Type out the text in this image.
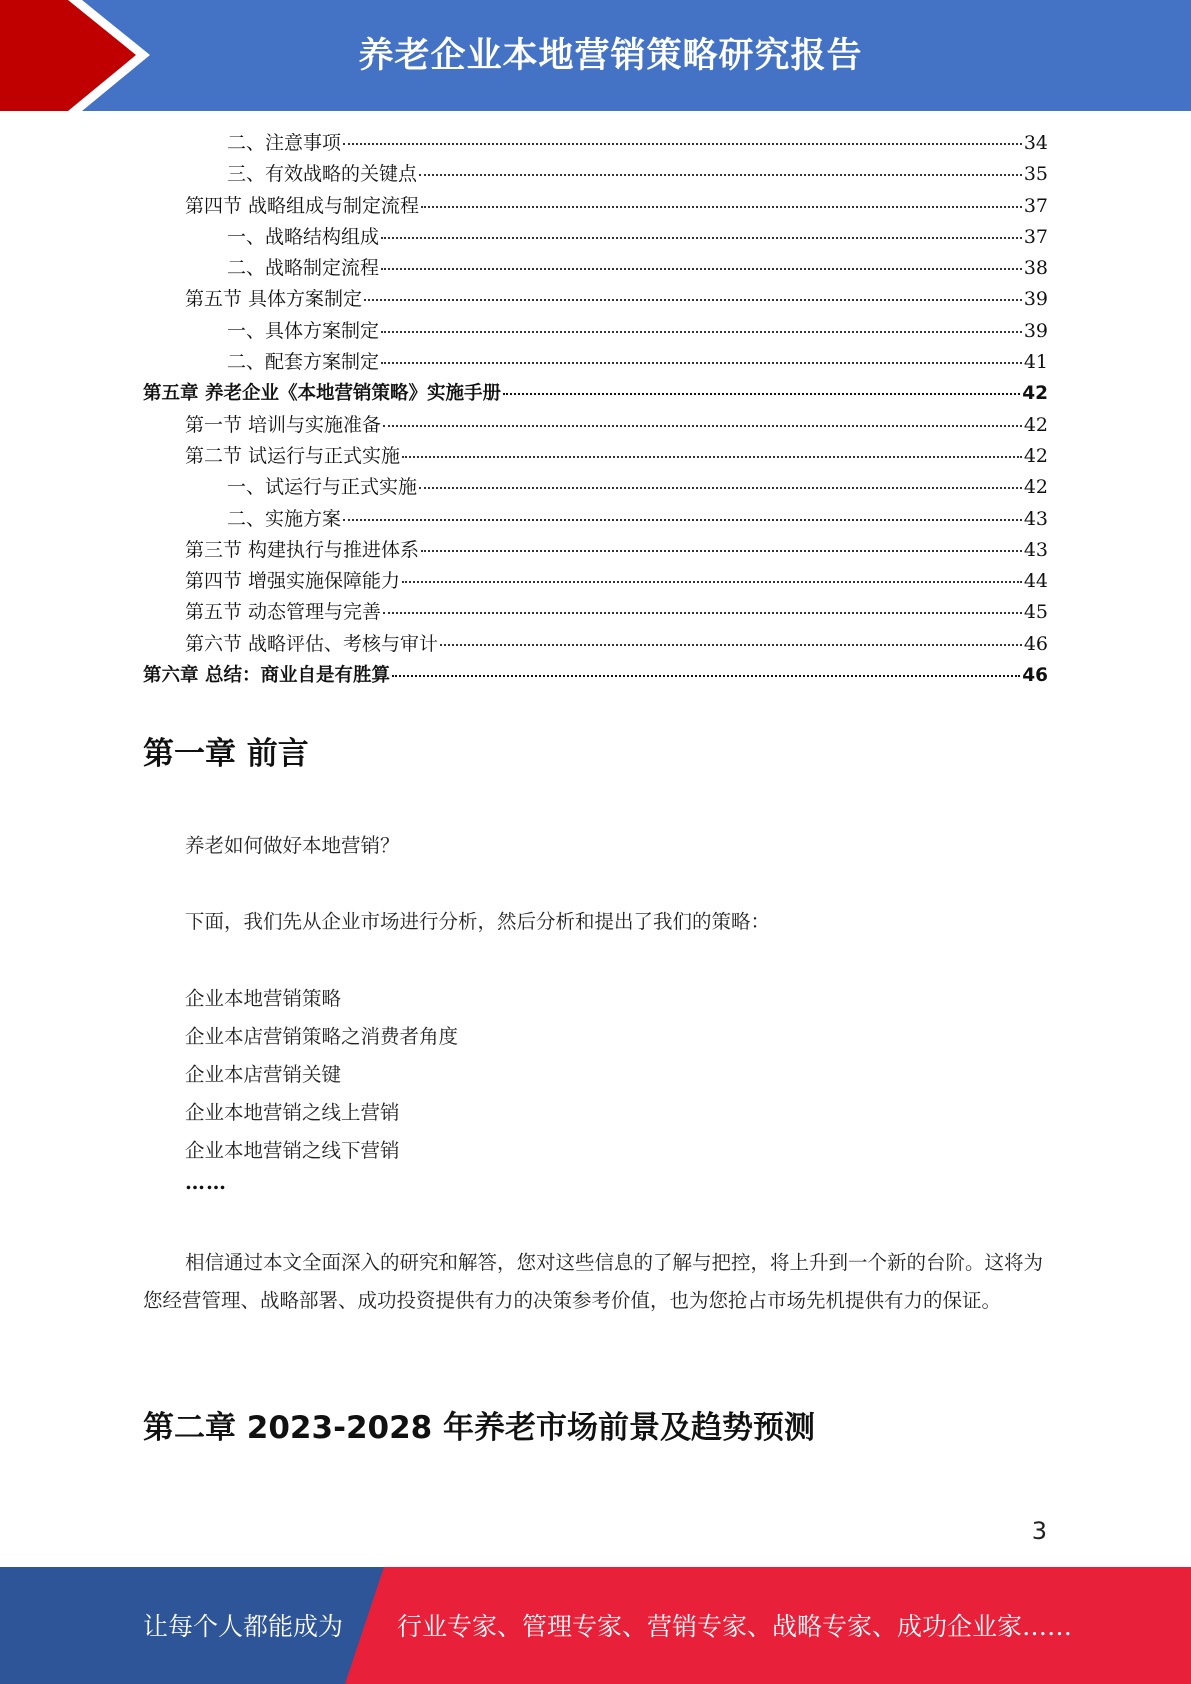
养老企业本地营销策略研究报告
二、注意事项	34
三、有效战略的关键点	35
第四节 战略组成与制定流程	37
一、战略结构组成	37
二、战略制定流程	38
第五节 具体方案制定	39
一、具体方案制定	39
二、配套方案制定	41
第五章 养老企业《本地营销策略》实施手册	42
第一节 培训与实施准备	42
第二节 试运行与正式实施	42
一、试运行与正式实施	42
二、实施方案	43
第三节 构建执行与推进体系	43
第四节 增强实施保障能力	44
第五节 动态管理与完善	45
第六节 战略评估、考核与审计	46
第六章 总结：商业自是有胜算	46
第一章 前言
养老如何做好本地营销？
下面，我们先从企业市场进行分析，然后分析和提出了我们的策略：
企业本地营销策略
企业本店营销策略之消费者角度
企业本店营销关键
企业本地营销之线上营销
企业本地营销之线下营销
……
相信通过本文全面深入的研究和解答，您对这些信息的了解与把控，将上升到一个新的台阶。这将为您经营管理、战略部署、成功投资提供有力的决策参考价值，也为您抢占市场先机提供有力的保证。
第二章 2023-2028 年养老市场前景及趋势预测
3
让每个人都能成为 行业专家、管理专家、营销专家、战略专家、成功企业家……
